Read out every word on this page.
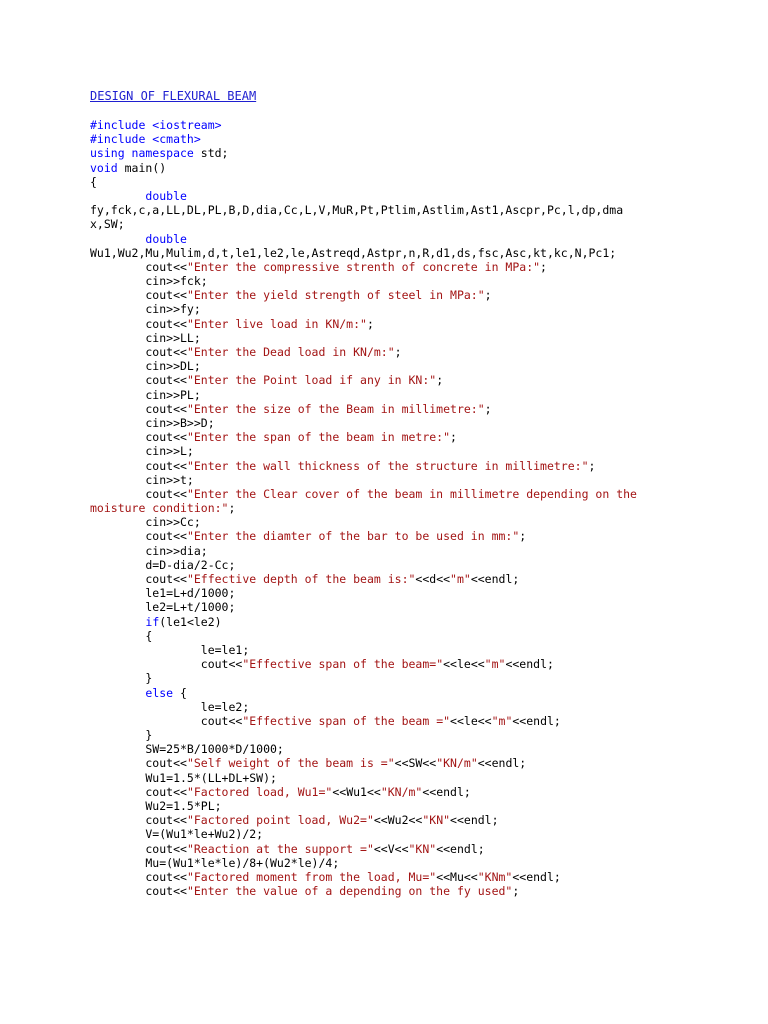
DESIGN OF FLEXURAL BEAM
#include <iostream>
#include <cmath>
using namespace std;
void main()
{
double
fy,fck,c,a,LL,DL,PL,B,D,dia,Cc,L,V,MuR,Pt,Ptlim,Astlim,Ast1,Ascpr,Pc,l,dp,dma
x,SW;
double
Wu1,Wu2,Mu,Mulim,d,t,le1,le2,le,Astreqd,Astpr,n,R,d1,ds,fsc,Asc,kt,kc,N,Pc1;
cout<<"Enter the compressive strenth of concrete in MPa:";
cin>>fck;
cout<<"Enter the yield strength of steel in MPa:";
cin>>fy;
cout<<"Enter live load in KN/m:";
cin>>LL;
cout<<"Enter the Dead load in KN/m:";
cin>>DL;
cout<<"Enter the Point load if any in KN:";
cin>>PL;
cout<<"Enter the size of the Beam in millimetre:";
cin>>B>>D;
cout<<"Enter the span of the beam in metre:";
cin>>L;
cout<<"Enter the wall thickness of the structure in millimetre:";
cin>>t;
cout<<"Enter the Clear cover of the beam in millimetre depending on the
moisture condition:";
cin>>Cc;
cout<<"Enter the diamter of the bar to be used in mm:";
cin>>dia;
d=D-dia/2-Cc;
cout<<"Effective depth of the beam is:"<<d<<"m"<<endl;
le1=L+d/1000;
le2=L+t/1000;
if(le1<le2)
{
le=le1;
cout<<"Effective span of the beam="<<le<<"m"<<endl;
}
else {
le=le2;
cout<<"Effective span of the beam ="<<le<<"m"<<endl;
}
SW=25*B/1000*D/1000;
cout<<"Self weight of the beam is ="<<SW<<"KN/m"<<endl;
Wu1=1.5*(LL+DL+SW);
cout<<"Factored load, Wu1="<<Wu1<<"KN/m"<<endl;
Wu2=1.5*PL;
cout<<"Factored point load, Wu2="<<Wu2<<"KN"<<endl;
V=(Wu1*le+Wu2)/2;
cout<<"Reaction at the support ="<<V<<"KN"<<endl;
Mu=(Wu1*le*le)/8+(Wu2*le)/4;
cout<<"Factored moment from the load, Mu="<<Mu<<"KNm"<<endl;
cout<<"Enter the value of a depending on the fy used";
